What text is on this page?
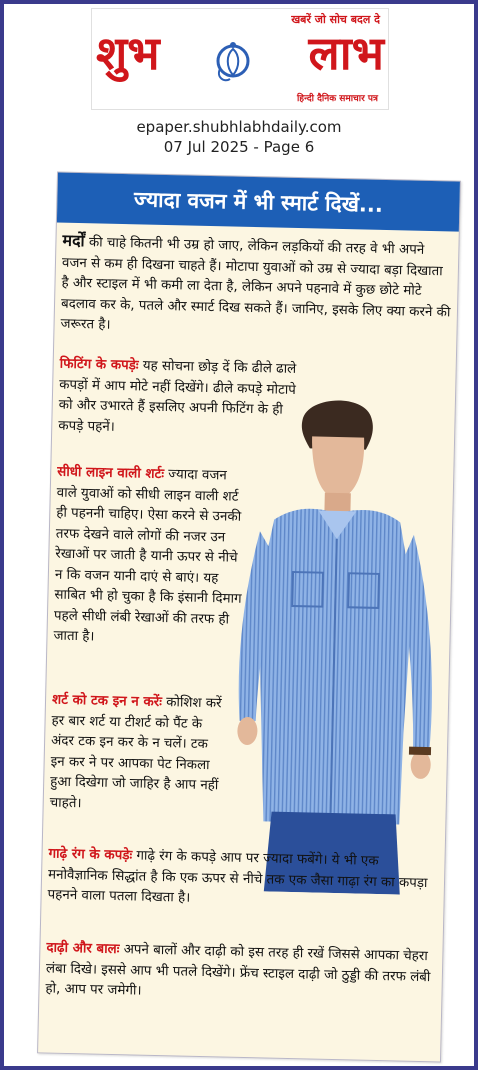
खबरें जो सोच बदल दे
शुभ	लाभ
हिन्दी दैनिक समाचार पत्र
epaper.shubhlabhdaily.com
07 Jul 2025 - Page 6
ज्यादा वजन में भी स्मार्ट दिखें...
मर्दों की चाहे कितनी भी उम्र हो जाए, लेकिन लड़कियों की तरह वे भी अपने वजन से कम ही दिखना चाहते हैं। मोटापा युवाओं को उम्र से ज्यादा बड़ा दिखाता है और स्टाइल में भी कमी ला देता है, लेकिन अपने पहनावे में कुछ छोटे मोटे बदलाव कर के, पतले और स्मार्ट दिख सकते हैं। जानिए, इसके लिए क्या करने की जरूरत है।
फिटिंग के कपड़ेः यह सोचना छोड़ दें कि ढीले ढाले कपड़ों में आप मोटे नहीं दिखेंगे। ढीले कपड़े मोटापे को और उभारते हैं इसलिए अपनी फिटिंग के ही कपड़े पहनें।
सीधी लाइन वाली शर्टः ज्यादा वजन वाले युवाओं को सीधी लाइन वाली शर्ट ही पहननी चाहिए। ऐसा करने से उनकी तरफ देखने वाले लोगों की नजर उन रेखाओं पर जाती है यानी ऊपर से नीचे न कि वजन यानी दाएं से बाएं। यह साबित भी हो चुका है कि इंसानी दिमाग पहले सीधी लंबी रेखाओं की तरफ ही जाता है।
शर्ट को टक इन न करेंः कोशिश करें हर बार शर्ट या टीशर्ट को पैंट के अंदर टक इन कर के न चलें। टक इन कर ने पर आपका पेट निकला हुआ दिखेगा जो जाहिर है आप नहीं चाहते।
गाढ़े रंग के कपड़ेः गाढ़े रंग के कपड़े आप पर ज्यादा फबेंगे। ये भी एक मनोवैज्ञानिक सिद्धांत है कि एक ऊपर से नीचे तक एक जैसा गाढ़ा रंग का कपड़ा पहनने वाला पतला दिखता है।
दाढ़ी और बालः अपने बालों और दाढ़ी को इस तरह ही रखें जिससे आपका चेहरा लंबा दिखे। इससे आप भी पतले दिखेंगे। फ्रेंच स्टाइल दाढ़ी जो ठुड्डी की तरफ लंबी हो, आप पर जमेगी।
